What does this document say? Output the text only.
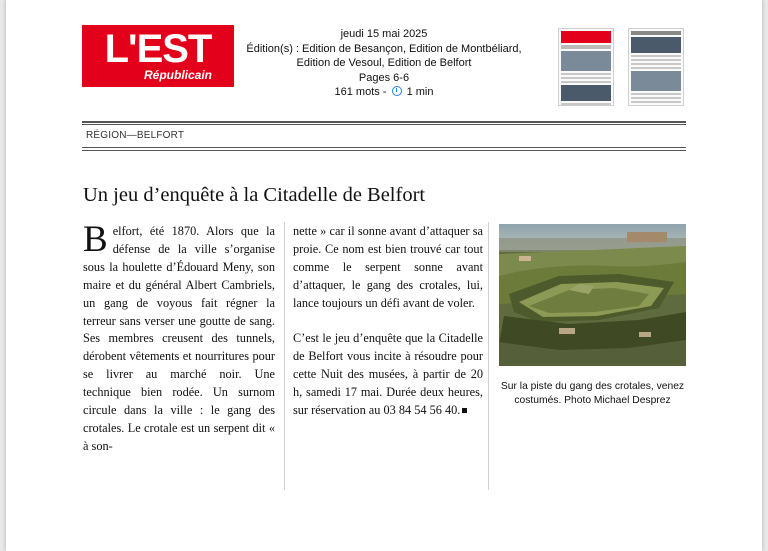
L'EST
Républicain
jeudi 15 mai 2025
Édition(s) : Edition de Besançon, Edition de Montbéliard,
Edition de Vesoul, Edition de Belfort
Pages 6-6
161 mots - 1 min
RÉGION—BELFORT
Un jeu d’enquête à la Citadelle de Belfort

Belfort, été 1870. Alors que la défense de la ville s’organise sous la houlette d’Édouard Meny, son maire et du général Albert Cambriels, un gang de voyous fait régner la terreur sans verser une goutte de sang. Ses membres creusent des tunnels, dérobent vêtements et nourritures pour se livrer au marché noir. Une technique bien rodée. Un surnom circule dans la ville : le gang des crotales. Le crotale est un serpent dit « à son-

nette » car il sonne avant d’attaquer sa proie. Ce nom est bien trouvé car tout comme le serpent sonne avant d’attaquer, le gang des crotales, lui, lance toujours un défi avant de voler.

C’est le jeu d’enquête que la Citadelle de Belfort vous incite à résoudre pour cette Nuit des musées, à partir de 20 h, samedi 17 mai. Durée deux heures, sur réservation au 03 84 54 56 40.

Sur la piste du gang des crotales, venez costumés. Photo Michael Desprez
